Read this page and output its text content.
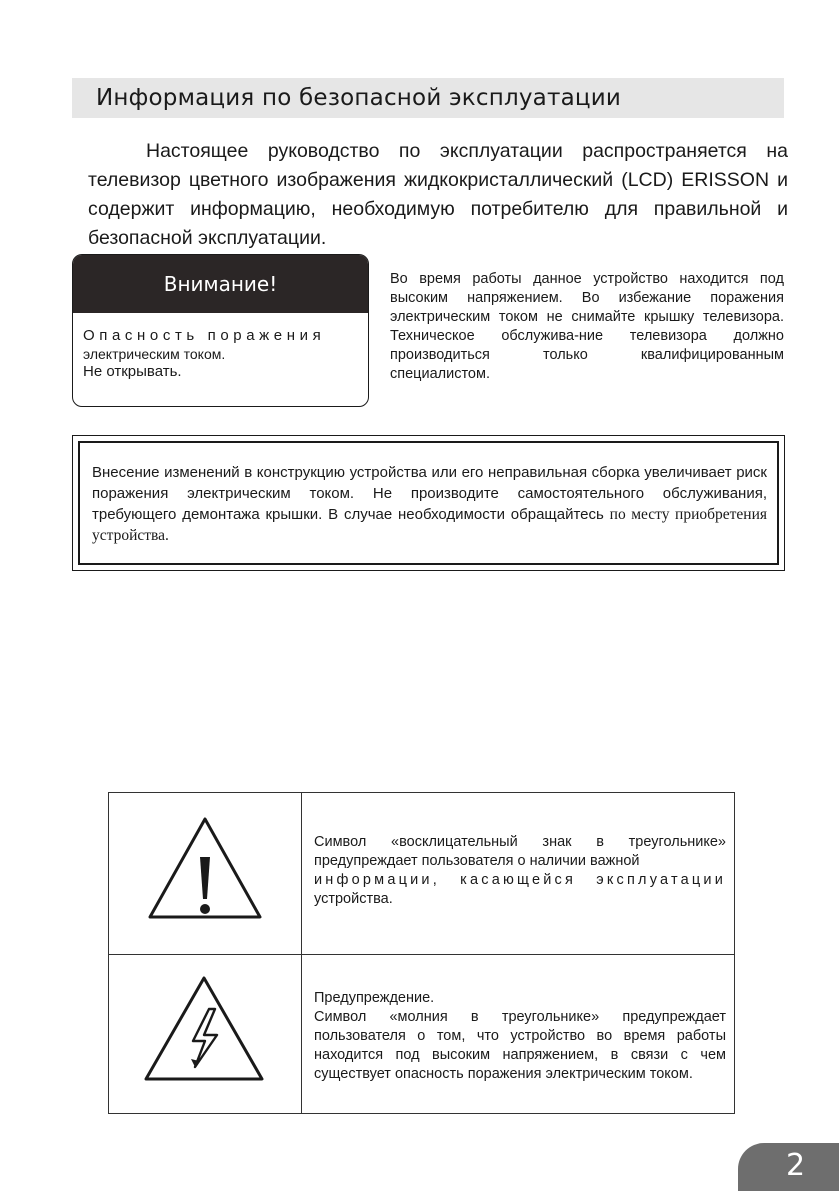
Информация по безопасной эксплуатации

Настоящее руководство по эксплуатации распространяется на телевизор цветного изображения жидкокристаллический (LCD) ERISSON и содержит информацию, необходимую потребителю для правильной и безопасной эксплуатации.

Внимание!
Опасность поражения
электрическим током.
Не открывать.

Во время работы данное устройство находится под высоким напряжением. Во избежание поражения электрическим током не снимайте крышку телевизора. Техническое обслужива-ние телевизора должно производиться только квалифицированным специалистом.

Внесение изменений в конструкцию устройства или его неправильная сборка увеличивает риск поражения электрическим током. Не производите самостоятельного обслуживания, требующего демонтажа крышки. В случае необходимости обращайтесь по месту приобретения устройства.

Символ «восклицательный знак в треугольнике» предупреждает пользователя о наличии важной
информации, касающейся эксплуатации
устройства.

Предупреждение.
Символ «молния в треугольнике» предупреждает пользователя о том, что устройство во время работы находится под высоким напряжением, в связи с чем существует опасность поражения электрическим током.

2
